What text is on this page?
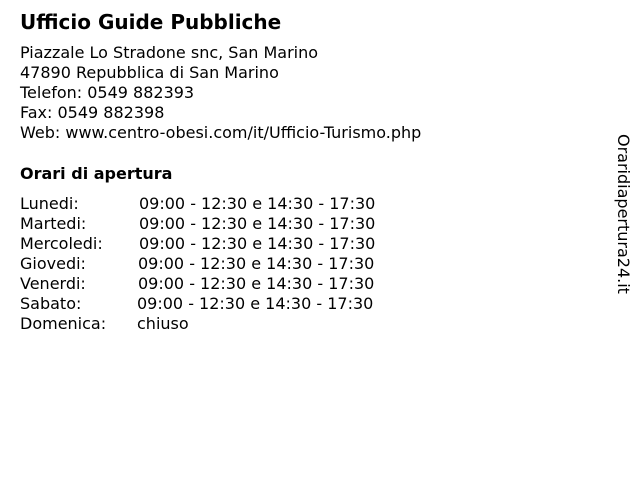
Ufficio Guide Pubbliche
Piazzale Lo Stradone snc, San Marino
47890 Repubblica di San Marino
Telefon: 0549 882393
Fax: 0549 882398
Web: www.centro-obesi.com/it/Ufficio-Turismo.php
Orari di apertura
Lunedi:	09:00 - 12:30 e 14:30 - 17:30
Martedi:	09:00 - 12:30 e 14:30 - 17:30
Mercoledi: 09:00 - 12:30 e 14:30 - 17:30
Giovedi:	09:00 - 12:30 e 14:30 - 17:30
Venerdi:	09:00 - 12:30 e 14:30 - 17:30
Sabato:	09:00 - 12:30 e 14:30 - 17:30
Domenica: chiuso
Oraridiapertura24.it
